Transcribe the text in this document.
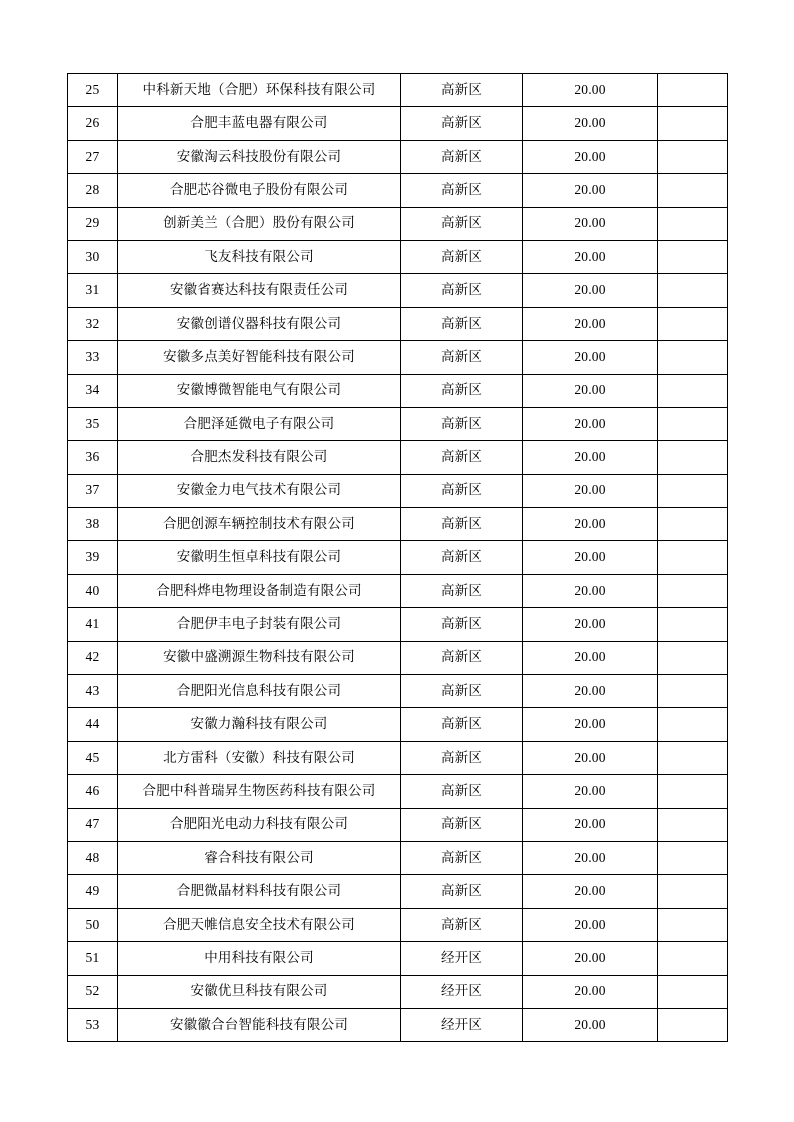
25	中科新天地（合肥）环保科技有限公司	高新区	20.00	
26	合肥丰蓝电器有限公司	高新区	20.00	
27	安徽淘云科技股份有限公司	高新区	20.00	
28	合肥芯谷微电子股份有限公司	高新区	20.00	
29	创新美兰（合肥）股份有限公司	高新区	20.00	
30	飞友科技有限公司	高新区	20.00	
31	安徽省赛达科技有限责任公司	高新区	20.00	
32	安徽创谱仪器科技有限公司	高新区	20.00	
33	安徽多点美好智能科技有限公司	高新区	20.00	
34	安徽博微智能电气有限公司	高新区	20.00	
35	合肥泽延微电子有限公司	高新区	20.00	
36	合肥杰发科技有限公司	高新区	20.00	
37	安徽金力电气技术有限公司	高新区	20.00	
38	合肥创源车辆控制技术有限公司	高新区	20.00	
39	安徽明生恒卓科技有限公司	高新区	20.00	
40	合肥科烨电物理设备制造有限公司	高新区	20.00	
41	合肥伊丰电子封装有限公司	高新区	20.00	
42	安徽中盛溯源生物科技有限公司	高新区	20.00	
43	合肥阳光信息科技有限公司	高新区	20.00	
44	安徽力瀚科技有限公司	高新区	20.00	
45	北方雷科（安徽）科技有限公司	高新区	20.00	
46	合肥中科普瑞昇生物医药科技有限公司	高新区	20.00	
47	合肥阳光电动力科技有限公司	高新区	20.00	
48	睿合科技有限公司	高新区	20.00	
49	合肥微晶材料科技有限公司	高新区	20.00	
50	合肥天帷信息安全技术有限公司	高新区	20.00	
51	中用科技有限公司	经开区	20.00	
52	安徽优旦科技有限公司	经开区	20.00	
53	安徽徽合台智能科技有限公司	经开区	20.00	
